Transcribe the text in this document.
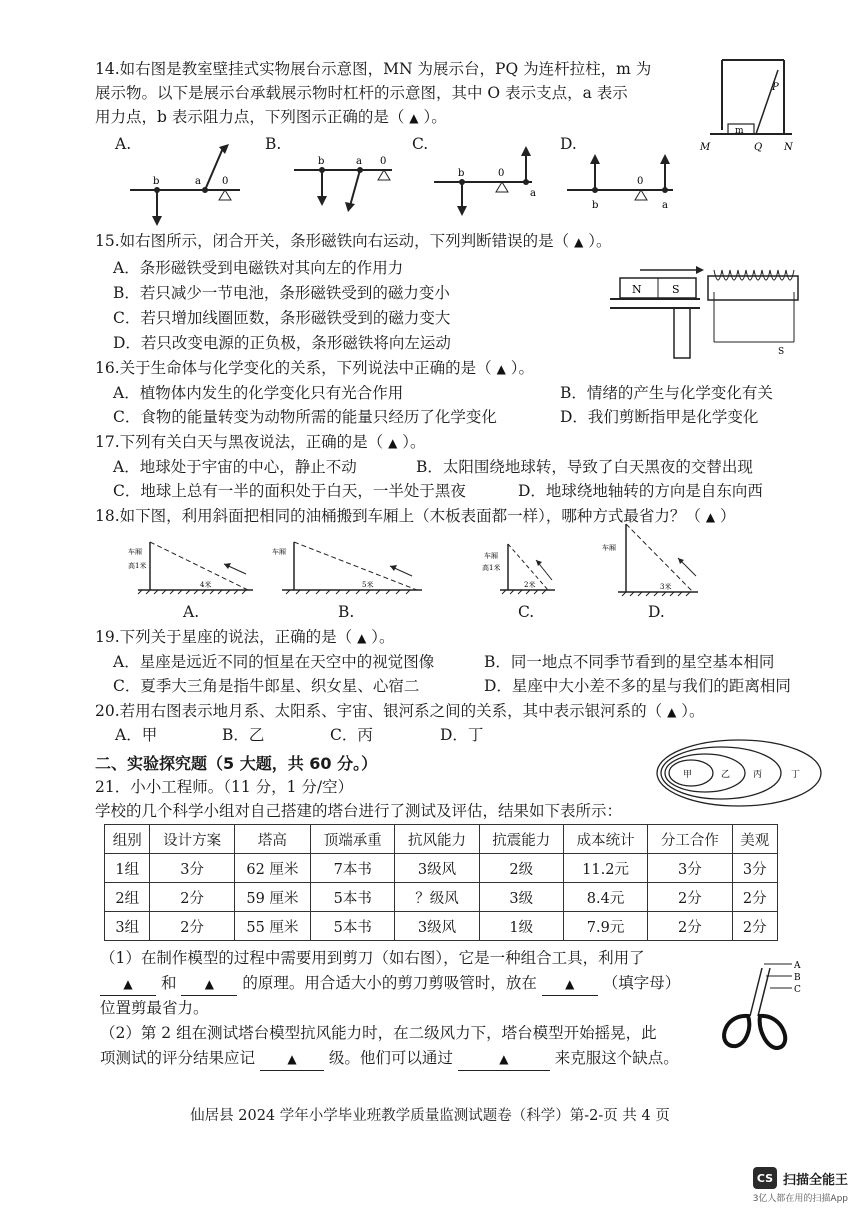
14.如右图是教室壁挂式实物展台示意图，MN 为展示台，PQ 为连杆拉柱，m 为
展示物。以下是展示台承载展示物时杠杆的示意图，其中 O 表示支点，a 表示
用力点，b 表示阻力点，下列图示正确的是（ ▲ ）。
m
P
M	Q N
A.	B.	C.	D.
b	a 0
b	a 0
b	0
a
0
b	a
15.如右图所示，闭合开关，条形磁铁向右运动，下列判断错误的是（ ▲ ）。
A．条形磁铁受到电磁铁对其向左的作用力
B．若只减少一节电池，条形磁铁受到的磁力变小
C．若只增加线圈匝数，条形磁铁受到的磁力变大
D．若只改变电源的正负极，条形磁铁将向左运动
N	S
S
16.关于生命体与化学变化的关系，下列说法中正确的是（ ▲ ）。
A．植物体内发生的化学变化只有光合作用	B．情绪的产生与化学变化有关
C．食物的能量转变为动物所需的能量只经历了化学变化	D．我们剪断指甲是化学变化
17.下列有关白天与黑夜说法，正确的是（ ▲ ）。
A．地球处于宇宙的中心，静止不动	B．太阳围绕地球转，导致了白天黑夜的交替出现
C．地球上总有一半的面积处于白天，一半处于黑夜	D．地球绕地轴转的方向是自东向西
18.如下图，利用斜面把相同的油桶搬到车厢上（木板表面都一样），哪种方式最省力？（ ▲ ）
车厢
高1米
4米
车厢
5米
车厢
高1米
2米
车厢
3米
A.	B.	C.	D.
19.下列关于星座的说法，正确的是（ ▲ ）。
A．星座是远近不同的恒星在天空中的视觉图像	B．同一地点不同季节看到的星空基本相同
C．夏季大三角是指牛郎星、织女星、心宿二	D．星座中大小差不多的星与我们的距离相同
20.若用右图表示地月系、太阳系、宇宙、银河系之间的关系，其中表示银河系的（ ▲ ）。
A．甲	B．乙	C．丙	D．丁
甲	乙	丙	丁
二、实验探究题（5 大题，共 60 分。）
21．小小工程师。（11 分，1 分/空）
学校的几个科学小组对自己搭建的塔台进行了测试及评估，结果如下表所示：
组别	设计方案	塔高	顶端承重	抗风能力	抗震能力	成本统计	分工合作	美观
1组	3分	62 厘米	7本书	3级风	2级	11.2元	3分	3分
2组	2分	59 厘米	5本书	？级风	3级	8.4元	2分	2分
3组	2分	55 厘米	5本书	3级风	1级	7.9元	2分	2分
（1）在制作模型的过程中需要用到剪刀（如右图），它是一种组合工具，利用了
▲ 和 ▲ 的原理。用合适大小的剪刀剪吸管时，放在 ▲ （填字母）
位置剪最省力。
（2）第 2 组在测试塔台模型抗风能力时，在二级风力下，塔台模型开始摇晃，此
项测试的评分结果应记	▲ 级。他们可以通过	▲	来克服这个缺点。
A
B
C
仙居县 2024 学年小学毕业班教学质量监测试题卷（科学）第-2-页 共 4 页
CS 扫描全能王
3亿人都在用的扫描App
